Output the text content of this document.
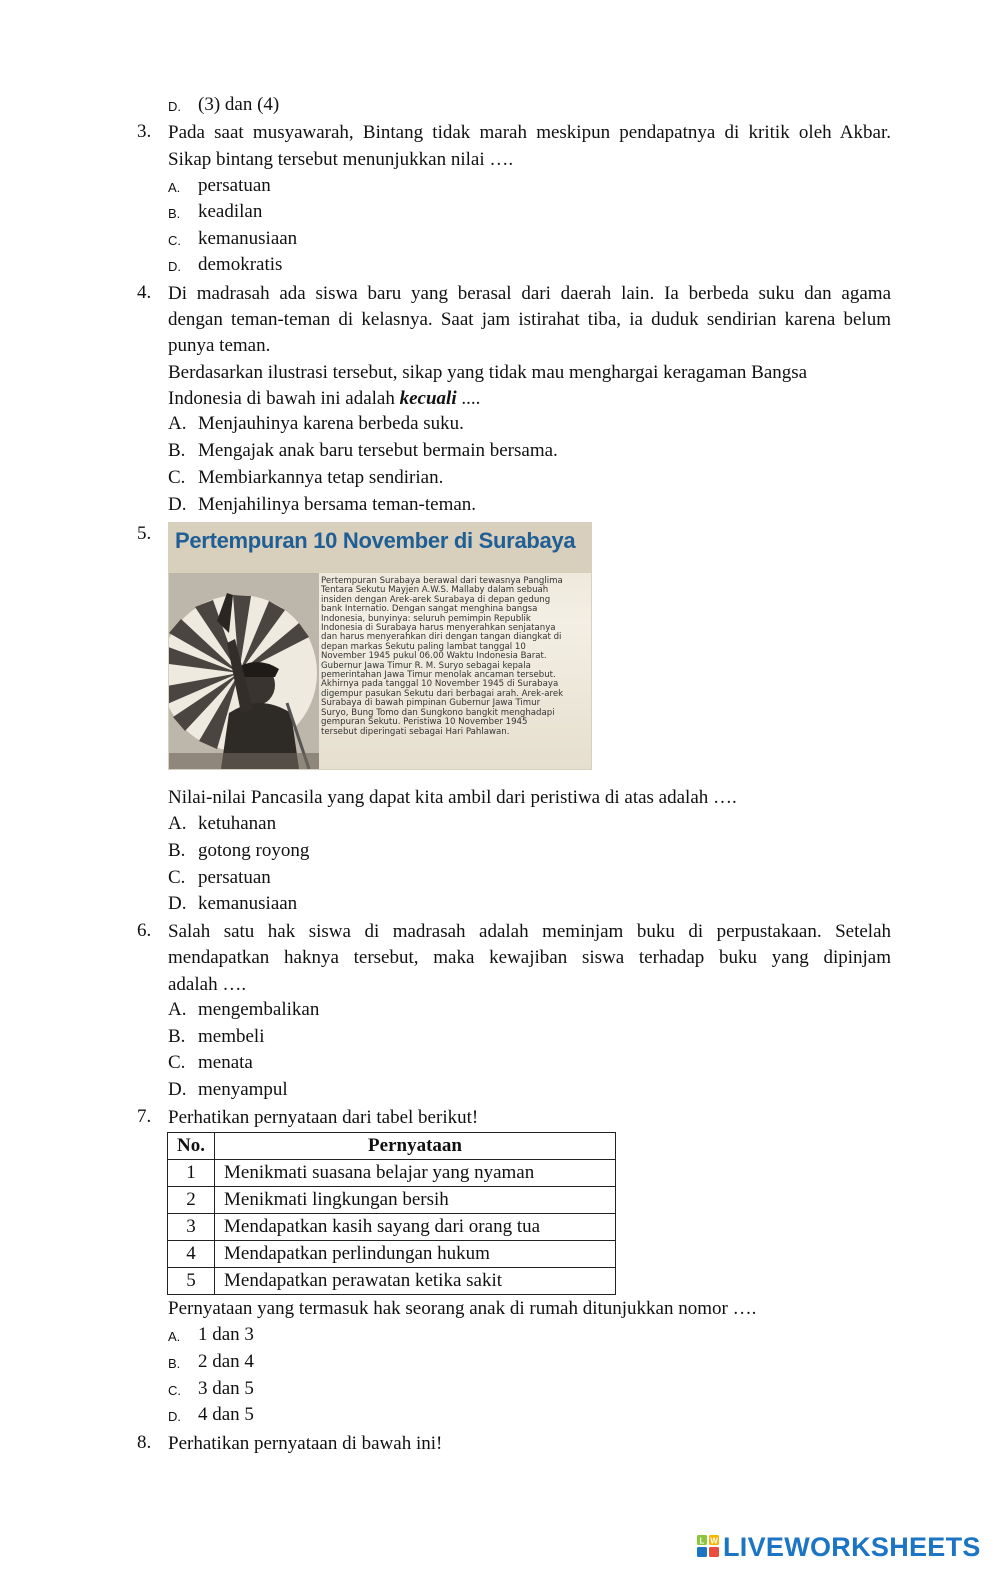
D. (3) dan (4)
3. Pada saat musyawarah, Bintang tidak marah meskipun pendapatnya di kritik oleh Akbar.
Sikap bintang tersebut menunjukkan nilai ….
A. persatuan
B. keadilan
C. kemanusiaan
D. demokratis
4. Di madrasah ada siswa baru yang berasal dari daerah lain. Ia berbeda suku dan agama
dengan teman-teman di kelasnya. Saat jam istirahat tiba, ia duduk sendirian karena belum
punya teman.
Berdasarkan ilustrasi tersebut, sikap yang tidak mau menghargai keragaman Bangsa
Indonesia di bawah ini adalah kecuali ....
A. Menjauhinya karena berbeda suku.
B. Mengajak anak baru tersebut bermain bersama.
C. Membiarkannya tetap sendirian.
D. Menjahilinya bersama teman-teman.
5.	Pertempuran 10 November di Surabaya
Pertempuran Surabaya berawal dari tewasnya Panglima
Tentara Sekutu Mayjen A.W.S. Mallaby dalam sebuah
insiden dengan Arek-arek Surabaya di depan gedung
bank Internatio. Dengan sangat menghina bangsa
Indonesia, bunyinya: seluruh pemimpin Republik
Indonesia di Surabaya harus menyerahkan senjatanya
dan harus menyerahkan diri dengan tangan diangkat di
depan markas Sekutu paling lambat tanggal 10
November 1945 pukul 06.00 Waktu Indonesia Barat.
Gubernur Jawa Timur R. M. Suryo sebagai kepala
pemerintahan Jawa Timur menolak ancaman tersebut.
Akhirnya pada tanggal 10 November 1945 di Surabaya
digempur pasukan Sekutu dari berbagai arah. Arek-arek
Surabaya di bawah pimpinan Gubernur Jawa Timur
Suryo, Bung Tomo dan Sungkono bangkit menghadapi
gempuran Sekutu. Peristiwa 10 November 1945
tersebut diperingati sebagai Hari Pahlawan.
Nilai-nilai Pancasila yang dapat kita ambil dari peristiwa di atas adalah ….
A. ketuhanan
B. gotong royong
C. persatuan
D. kemanusiaan
6. Salah satu hak siswa di madrasah adalah meminjam buku di perpustakaan. Setelah
mendapatkan haknya tersebut, maka kewajiban siswa terhadap buku yang dipinjam
adalah ….
A. mengembalikan
B. membeli
C. menata
D. menyampul
7. Perhatikan pernyataan dari tabel berikut!
No.	Pernyataan
1	Menikmati suasana belajar yang nyaman
2	Menikmati lingkungan bersih
3	Mendapatkan kasih sayang dari orang tua
4	Mendapatkan perlindungan hukum
5	Mendapatkan perawatan ketika sakit
Pernyataan yang termasuk hak seorang anak di rumah ditunjukkan nomor ….
A. 1 dan 3
B. 2 dan 4
C. 3 dan 5
D. 4 dan 5
8. Perhatikan pernyataan di bawah ini!
L W LIVEWORKSHEETS
